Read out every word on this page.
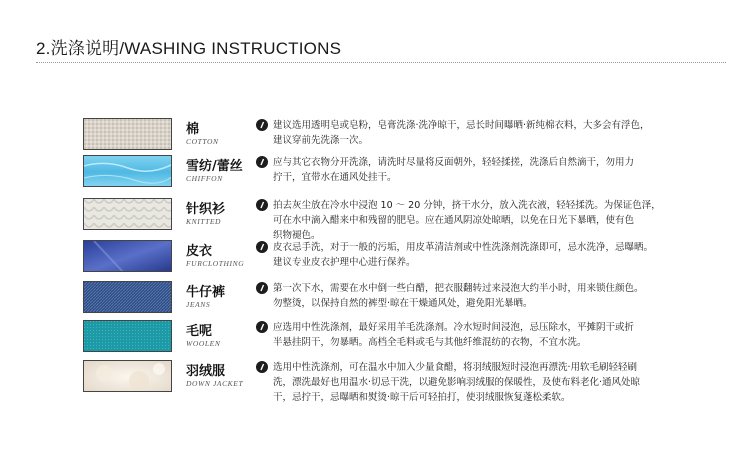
2.洗涤说明/WASHING INSTRUCTIONS
棉
COTTON
建议选用透明皂或皂粉，皂膏洗涤·洗净晾干，忌长时间曝晒·新纯棉衣料，大多会有浮色，
建议穿前先洗涤一次。
雪纺/蕾丝
CHIFFON
应与其它衣物分开洗涤，请洗时尽量将反面朝外，轻轻揉搓，洗涤后自然滴干，勿用力
拧干，宜带水在通风处挂干。
针织衫
KNITTED
拍去灰尘放在冷水中浸泡 10 ～ 20 分钟，挤干水分，放入洗衣液，轻轻揉洗。为保证色泽，
可在水中滴入醋来中和残留的肥皂。应在通风阴凉处晾晒，以免在日光下暴晒，使有色
织物褪色。
皮衣
FURCLOTHING
皮衣忌手洗，对于一般的污垢，用皮革清洁剂或中性洗涤剂洗涤即可，忌水洗净，忌曝晒。
建议专业皮衣护理中心进行保养。
牛仔裤
JEANS
第一次下水，需要在水中倒一些白醋，把衣服翻转过来浸泡大约半小时，用来锁住颜色。
勿整烫，以保持自然的裤型·晾在干燥通风处，避免阳光暴晒。
毛呢
WOOLEN
应选用中性洗涤剂，最好采用羊毛洗涤剂。冷水短时间浸泡，忌压除水，平摊阴干或折
半悬挂阴干，勿暴晒。高档全毛料或毛与其他纤维混纺的衣物，不宜水洗。
羽绒服
DOWN JACKET
选用中性洗涤剂，可在温水中加入少量食醋，将羽绒服短时浸泡再漂洗·用软毛刷轻轻刷
洗，漂洗最好也用温水·切忌干洗，以避免影响羽绒服的保暖性，及使布料老化·通风处晾
干，忌拧干，忌曝晒和熨烫·晾干后可轻拍打，使羽绒服恢复蓬松柔软。
